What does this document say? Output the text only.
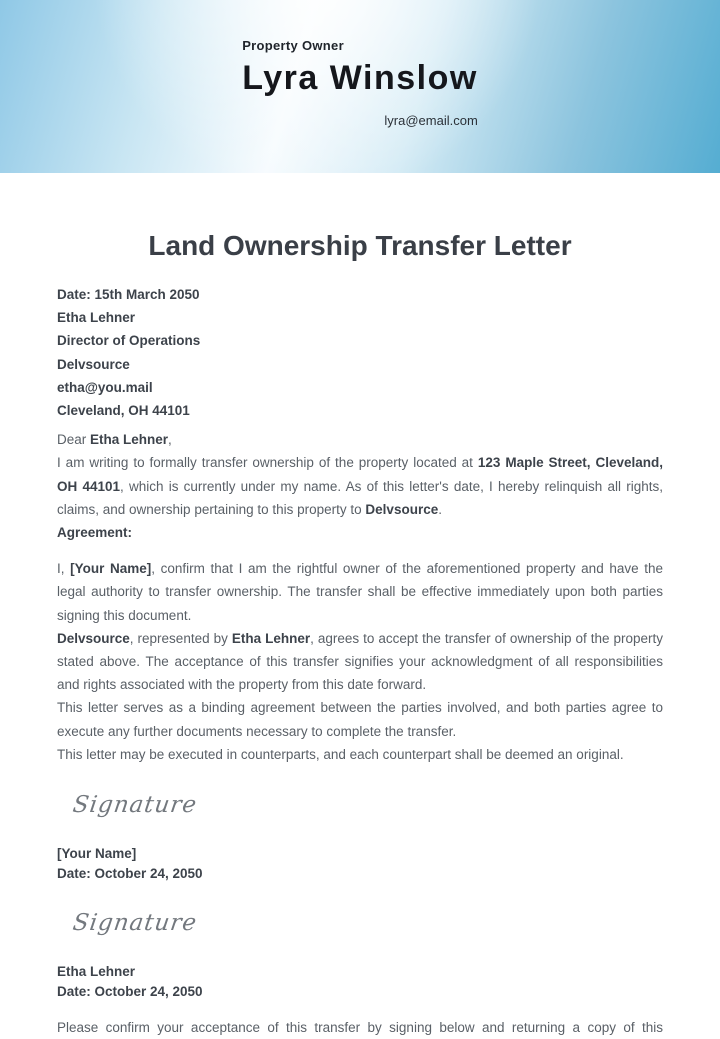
Property Owner
Lyra Winslow
lyra@email.com
Land Ownership Transfer Letter
Date: 15th March 2050
Etha Lehner
Director of Operations
Delvsource
etha@you.mail
Cleveland, OH 44101

Dear Etha Lehner,

I am writing to formally transfer ownership of the property located at 123 Maple Street, Cleveland, OH 44101, which is currently under my name. As of this letter's date, I hereby relinquish all rights, claims, and ownership pertaining to this property to Delvsource.

Agreement:

I, [Your Name], confirm that I am the rightful owner of the aforementioned property and have the legal authority to transfer ownership. The transfer shall be effective immediately upon both parties signing this document.

Delvsource, represented by Etha Lehner, agrees to accept the transfer of ownership of the property stated above. The acceptance of this transfer signifies your acknowledgment of all responsibilities and rights associated with the property from this date forward.

This letter serves as a binding agreement between the parties involved, and both parties agree to execute any further documents necessary to complete the transfer.

This letter may be executed in counterparts, and each counterpart shall be deemed an original.

Signature
[Your Name]
Date: October 24, 2050
Signature
Etha Lehner
Date: October 24, 2050

Please confirm your acceptance of this transfer by signing below and returning a copy of this
